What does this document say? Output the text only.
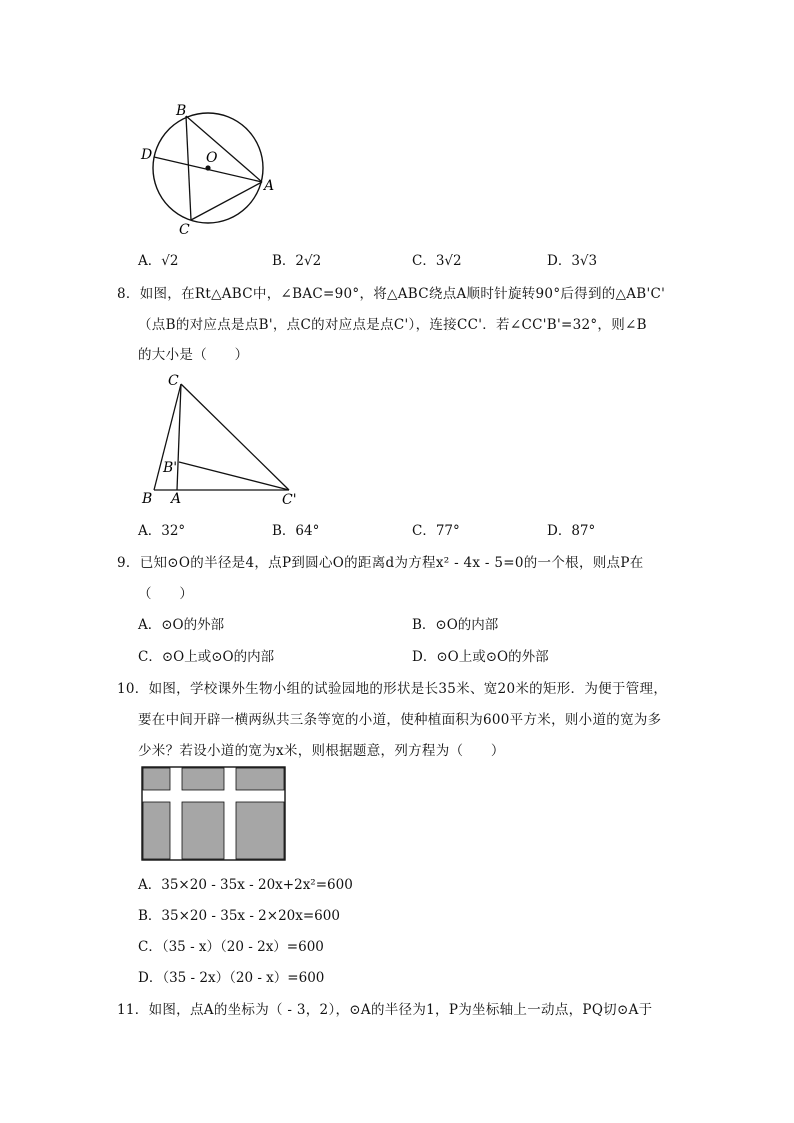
B
D	O
A
C
A．√2	B．2√2	C．3√2	D．3√3
8．如图，在Rt△ABC中，∠BAC=90°，将△ABC绕点A顺时针旋转90°后得到的△AB'C'
（点B的对应点是点B'，点C的对应点是点C'），连接CC'．若∠CC'B'=32°，则∠B
的大小是（　　）
C
B'
B A	C'
A．32°	B．64°	C．77°	D．87°
9．已知⊙O的半径是4，点P到圆心O的距离d为方程x² - 4x - 5=0的一个根，则点P在
（　　）
A．⊙O的外部	B．⊙O的内部
C．⊙O上或⊙O的内部	D．⊙O上或⊙O的外部
10．如图，学校课外生物小组的试验园地的形状是长35米、宽20米的矩形．为便于管理，
要在中间开辟一横两纵共三条等宽的小道，使种植面积为600平方米，则小道的宽为多
少米？若设小道的宽为x米，则根据题意，列方程为（　　）
A．35×20 - 35x - 20x+2x²=600
B．35×20 - 35x - 2×20x=600
C．（35 - x）（20 - 2x）=600
D．（35 - 2x）（20 - x）=600
11．如图，点A的坐标为（ - 3，2），⊙A的半径为1，P为坐标轴上一动点，PQ切⊙A于
